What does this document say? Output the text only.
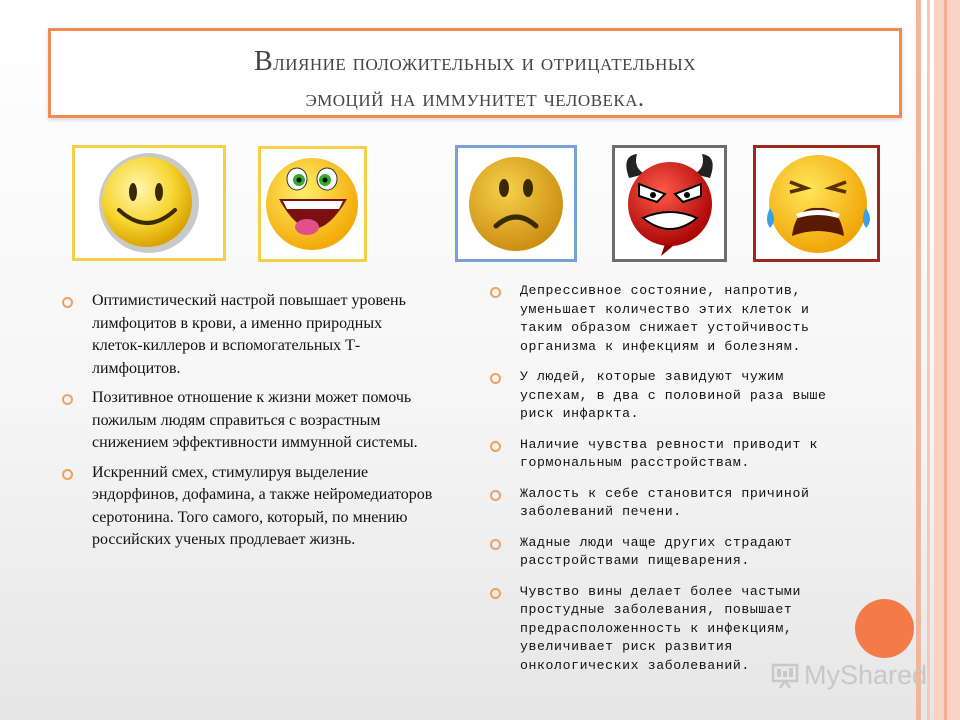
Влияние положительных и отрицательных
эмоций на иммунитет человека.
Оптимистический настрой повышает уровень лимфоцитов в крови, а именно природных клеток-киллеров и вспомогательных Т-лимфоцитов.
Позитивное отношение к жизни может помочь пожилым людям справиться с возрастным снижением эффективности иммунной системы.
Искренний смех, стимулируя выделение эндорфинов, дофамина, а также нейромедиаторов серотонина. Того самого, который, по мнению российских ученых продлевает жизнь.
Депрессивное состояние, напротив, уменьшает количество этих клеток и таким образом снижает устойчивость организма к инфекциям и болезням.
У людей, которые завидуют чужим успехам, в два с половиной раза выше риск инфаркта.
Наличие чувства ревности приводит к гормональным расстройствам.
Жалость к себе становится причиной заболеваний печени.
Жадные люди чаще других страдают расстройствами пищеварения.
Чувство вины делает более частыми простудные заболевания, повышает предрасположенность к инфекциям, увеличивает риск развития онкологических заболеваний.	MyShared
